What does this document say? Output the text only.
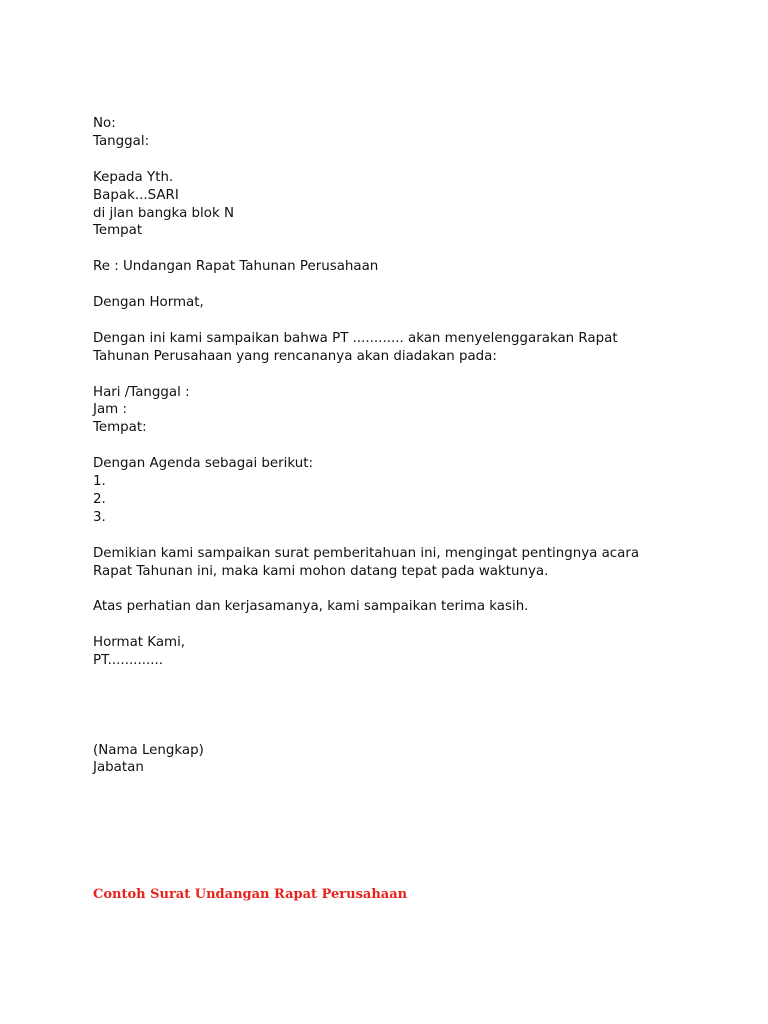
No:
Tanggal:
Kepada Yth.
Bapak...SARI
di jlan bangka blok N
Tempat
Re : Undangan Rapat Tahunan Perusahaan
Dengan Hormat,
Dengan ini kami sampaikan bahwa PT ............ akan menyelenggarakan Rapat
Tahunan Perusahaan yang rencananya akan diadakan pada:
Hari /Tanggal :
Jam :
Tempat:
Dengan Agenda sebagai berikut:
1.
2.
3.
Demikian kami sampaikan surat pemberitahuan ini, mengingat pentingnya acara
Rapat Tahunan ini, maka kami mohon datang tepat pada waktunya.
Atas perhatian dan kerjasamanya, kami sampaikan terima kasih.
Hormat Kami,
PT.............
(Nama Lengkap)
Jabatan
Contoh Surat Undangan Rapat Perusahaan
